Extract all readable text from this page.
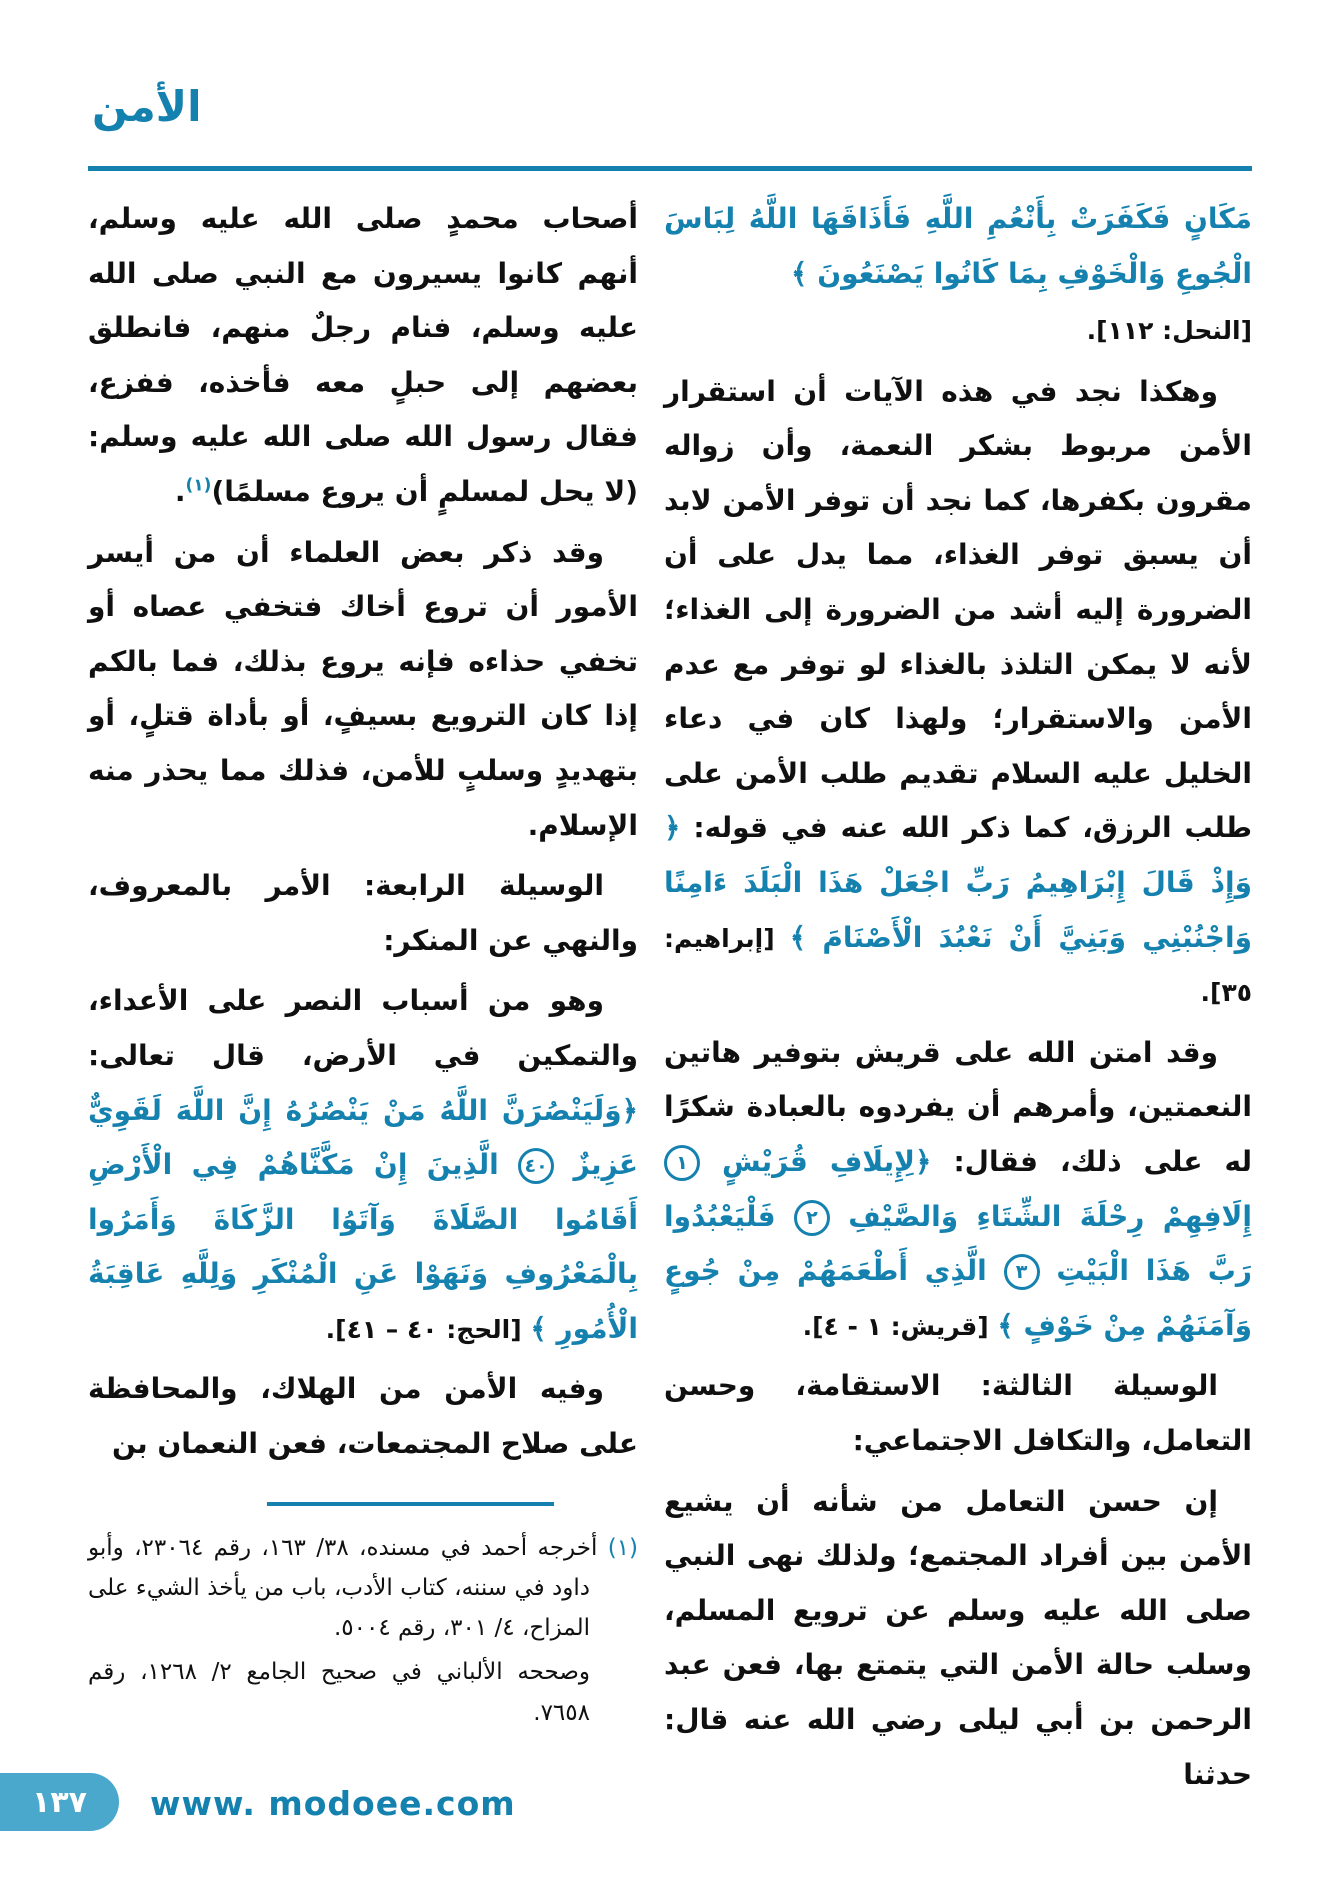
الأمن

مَكَانٍ فَكَفَرَتْ بِأَنْعُمِ اللَّهِ فَأَذَاقَهَا اللَّهُ لِبَاسَ الْجُوعِ وَالْخَوْفِ بِمَا كَانُوا يَصْنَعُونَ ﴾

[النحل: ١١٢].

وهكذا نجد في هذه الآيات أن استقرار الأمن مربوط بشكر النعمة، وأن زواله مقرون بكفرها، كما نجد أن توفر الأمن لابد أن يسبق توفر الغذاء، مما يدل على أن الضرورة إليه أشد من الضرورة إلى الغذاء؛ لأنه لا يمكن التلذذ بالغذاء لو توفر مع عدم الأمن والاستقرار؛ ولهذا كان في دعاء الخليل عليه السلام تقديم طلب الأمن على طلب الرزق، كما ذكر الله عنه في قوله: ﴿ وَإِذْ قَالَ إِبْرَاهِيمُ رَبِّ اجْعَلْ هَذَا الْبَلَدَ ءَامِنًا وَاجْنُبْنِي وَبَنِيَّ أَنْ نَعْبُدَ الْأَصْنَامَ ﴾ [إبراهيم: ٣٥].

وقد امتن الله على قريش بتوفير هاتين النعمتين، وأمرهم أن يفردوه بالعبادة شكرًا له على ذلك، فقال: ﴿لِإِيلَافِ قُرَيْشٍ ١ إِلَافِهِمْ رِحْلَةَ الشِّتَاءِ وَالصَّيْفِ ٢ فَلْيَعْبُدُوا رَبَّ هَذَا الْبَيْتِ ٣ الَّذِي أَطْعَمَهُمْ مِنْ جُوعٍ وَآمَنَهُمْ مِنْ خَوْفٍ ﴾ [قريش: ١ - ٤].

الوسيلة الثالثة: الاستقامة، وحسن التعامل، والتكافل الاجتماعي:

إن حسن التعامل من شأنه أن يشيع الأمن بين أفراد المجتمع؛ ولذلك نهى النبي صلى الله عليه وسلم عن ترويع المسلم، وسلب حالة الأمن التي يتمتع بها، فعن عبد الرحمن بن أبي ليلى رضي الله عنه قال: حدثنا

أصحاب محمدٍ صلى الله عليه وسلم، أنهم كانوا يسيرون مع النبي صلى الله عليه وسلم، فنام رجلٌ منهم، فانطلق بعضهم إلى حبلٍ معه فأخذه، ففزع، فقال رسول الله صلى الله عليه وسلم: (لا يحل لمسلمٍ أن يروع مسلمًا)$^{(١)}$.

وقد ذكر بعض العلماء أن من أيسر الأمور أن تروع أخاك فتخفي عصاه أو تخفي حذاءه فإنه يروع بذلك، فما بالكم إذا كان الترويع بسيفٍ، أو بأداة قتلٍ، أو بتهديدٍ وسلبٍ للأمن، فذلك مما يحذر منه الإسلام.

الوسيلة الرابعة: الأمر بالمعروف، والنهي عن المنكر:

وهو من أسباب النصر على الأعداء، والتمكين في الأرض، قال تعالى: ﴿وَلَيَنْصُرَنَّ اللَّهُ مَنْ يَنْصُرُهُ إِنَّ اللَّهَ لَقَوِيٌّ عَزِيزٌ ٤٠ الَّذِينَ إِنْ مَكَّنَّاهُمْ فِي الْأَرْضِ أَقَامُوا الصَّلَاةَ وَآتَوُا الزَّكَاةَ وَأَمَرُوا بِالْمَعْرُوفِ وَنَهَوْا عَنِ الْمُنْكَرِ وَلِلَّهِ عَاقِبَةُ الْأُمُورِ ﴾ [الحج: ٤٠ – ٤١].

وفيه الأمن من الهلاك، والمحافظة على صلاح المجتمعات، فعن النعمان بن

(١) أخرجه أحمد في مسنده، ٣٨/ ١٦٣، رقم ٢٣٠٦٤، وأبو داود في سننه، كتاب الأدب، باب من يأخذ الشيء على المزاح، ٤/ ٣٠١، رقم ٥٠٠٤.

وصححه الألباني في صحيح الجامع ٢/ ١٢٦٨، رقم ٧٦٥٨.

١٣٧ www. modoee.com
